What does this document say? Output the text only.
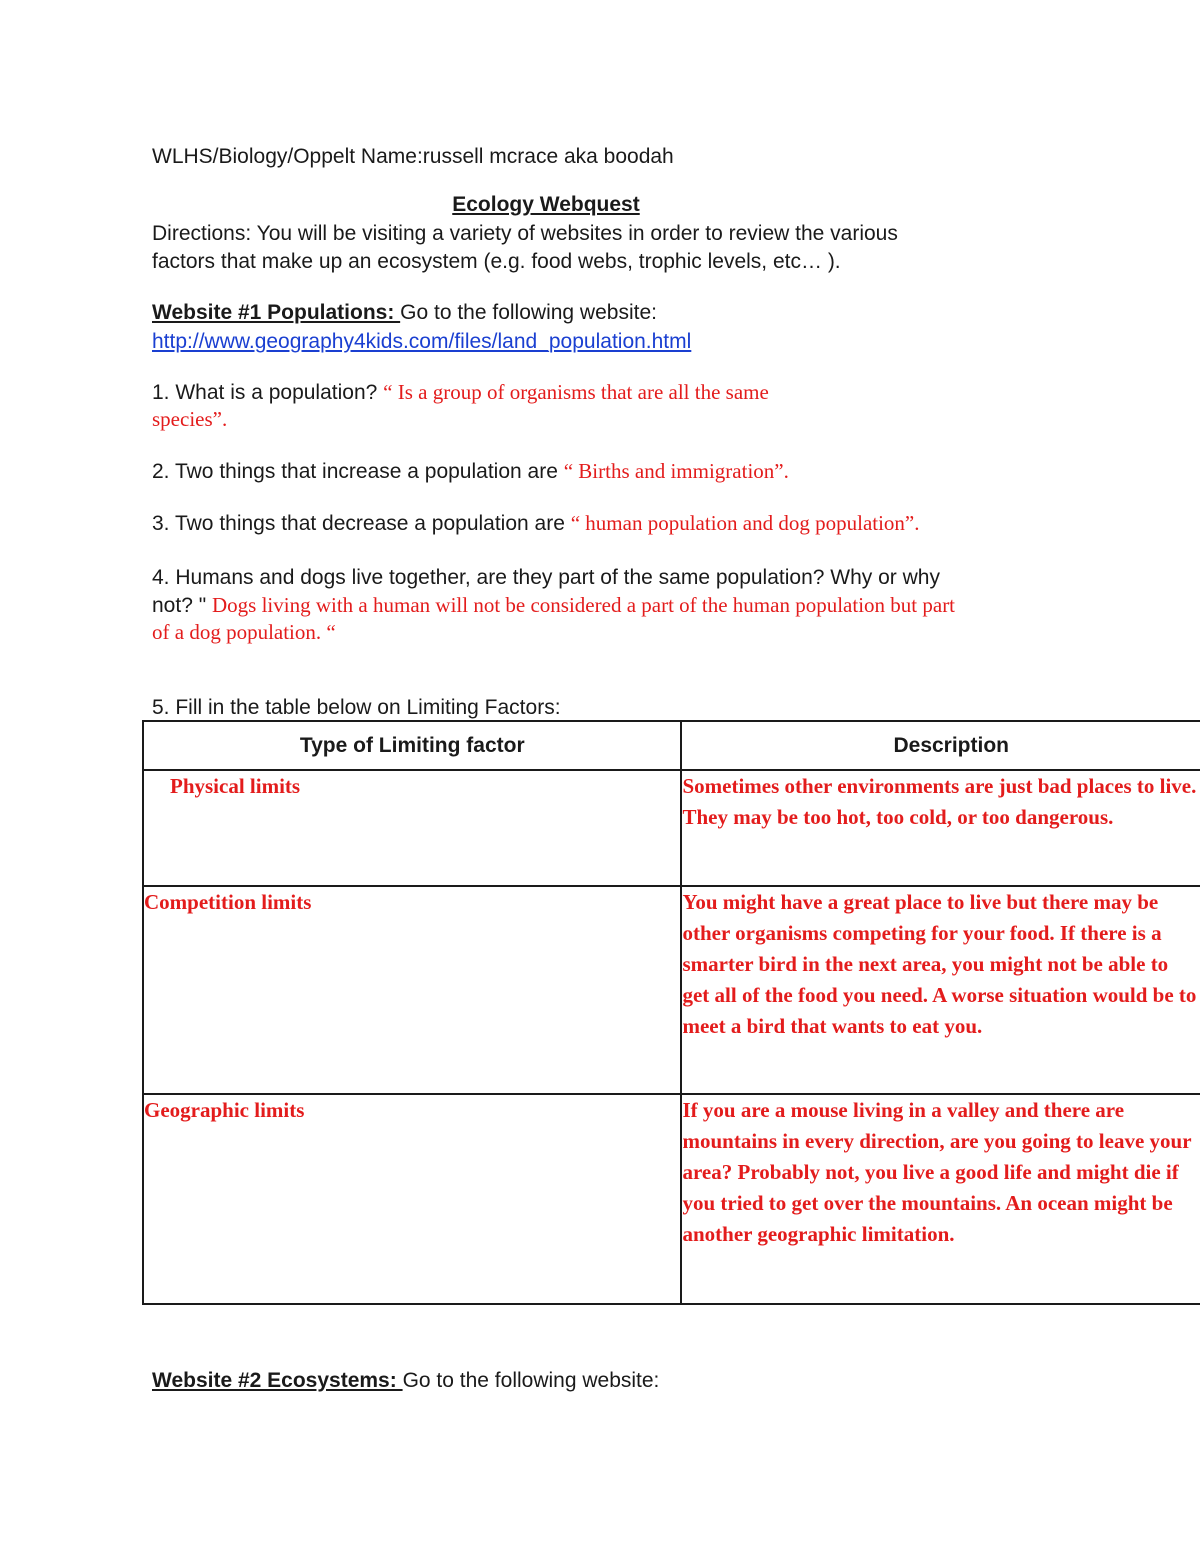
WLHS/Biology/Oppelt Name:russell mcrace aka boodah
Ecology Webquest
Directions: You will be visiting a variety of websites in order to review the various
factors that make up an ecosystem (e.g. food webs, trophic levels, etc… ).
Website #1 Populations: Go to the following website:
http://www.geography4kids.com/files/land_population.html
1. What is a population? “ Is a group of organisms that are all the same
species”.
2. Two things that increase a population are “ Births and immigration”.
3. Two things that decrease a population are “ human population and dog population”.
4. Humans and dogs live together, are they part of the same population? Why or why
not? " Dogs living with a human will not be considered a part of the human population but part
of a dog population. “
5. Fill in the table below on Limiting Factors:
Type of Limiting factor	Description
Physical limits	Sometimes other environments are just bad places to live. They may be too hot, too cold, or too dangerous.
Competition limits	You might have a great place to live but there may be other organisms competing for your food. If there is a smarter bird in the next area, you might not be able to get all of the food you need. A worse situation would be to meet a bird that wants to eat you.
Geographic limits	If you are a mouse living in a valley and there are mountains in every direction, are you going to leave your area? Probably not, you live a good life and might die if you tried to get over the mountains. An ocean might be another geographic limitation.
Website #2 Ecosystems: Go to the following website:
